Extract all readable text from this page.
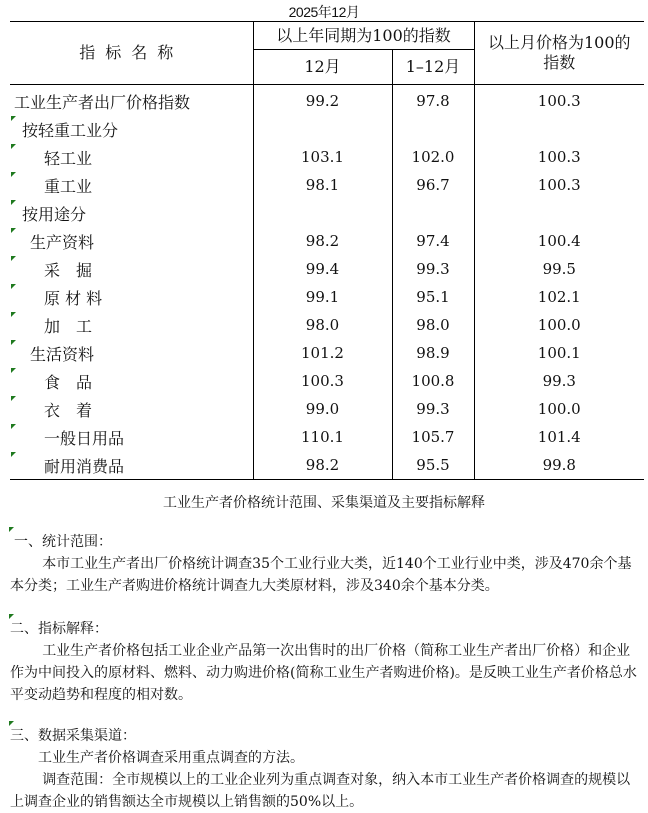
2025年12月
指标名称	以上年同期为100的指数		以上月价格为100的指数
	12月	1–12月	
工业生产者出厂价格指数	99.2	97.8	100.3

按轻重工业分			

轻工业	103.1	102.0	100.3

重工业	98.1	96.7	100.3

按用途分			

生产资料	98.2	97.4	100.4

采　掘	99.4	99.3	99.5

原 材 料	99.1	95.1	102.1

加　工	98.0	98.0	100.0

生活资料	101.2	98.9	100.1

食　品	100.3	100.8	99.3

衣　着	99.0	99.3	100.0

一般日用品	110.1	105.7	101.4

耐用消费品	98.2	95.5	99.8
工业生产者价格统计范围、采集渠道及主要指标解释

一、统计范围：

本市工业生产者出厂价格统计调查35个工业行业大类，近140个工业行业中类，涉及470余个基本分类；工业生产者购进价格统计调查九大类原材料，涉及340余个基本分类。

二、指标解释：

工业生产者价格包括工业企业产品第一次出售时的出厂价格（简称工业生产者出厂价格）和企业作为中间投入的原材料、燃料、动力购进价格(简称工业生产者购进价格)。是反映工业生产者价格总水平变动趋势和程度的相对数。

三、数据采集渠道：

工业生产者价格调查采用重点调查的方法。

调查范围：全市规模以上的工业企业列为重点调查对象，纳入本市工业生产者价格调查的规模以上调查企业的销售额达全市规模以上销售额的50%以上。
